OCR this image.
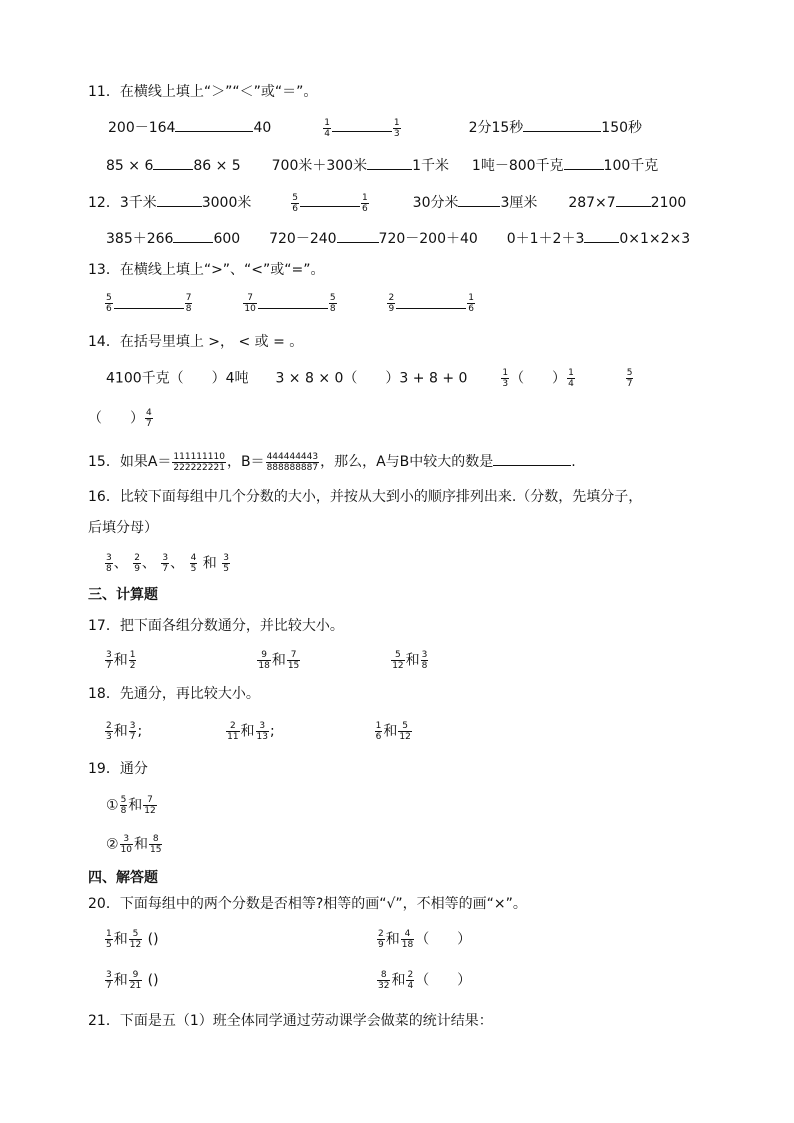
11．在横线上填上“＞”“＜”或“＝”。
200－164	40	$\frac{1}{4}$	$\frac{1}{3}$	2分15秒	150秒
85 × 6	86 × 5 700米＋300米	1千米 1吨－800千克	100千克
12．3千米	3000米	$\frac{5}{6}$	$\frac{1}{6}$	30分米	3厘米 287×7	2100
385＋266	600 720－240	720－200＋40 0＋1＋2＋3	0×1×2×3
13．在横线上填上“>”、“<”或“=”。
$\frac{5}{6}$	$\frac{7}{8}$
	$\frac{7}{10}$	$\frac{5}{8}$
	$\frac{2}{9}$	$\frac{1}{6}$
14．在括号里填上 >， < 或 = 。
4100千克（　　）4吨 3 × 8 × 0（　　）3 + 8 + 0	$\frac{1}{3}$ （　　） $\frac{1}{4}$
	$\frac{5}{7}$
（　　） $\frac{4}{7}$
15．如果$A= \frac{111111110}{222222221}$ ，$B= \frac{444444443}{888888887}$ ，那么，A与B中较大的数是	.
16．比较下面每组中几个分数的大小，并按从大到小的顺序排列出来.（分数，先填分子，
后填分母）
$\frac{3}{8}$ 、 $\frac{2}{9}$ 、 $\frac{3}{7}$ 、 $\frac{4}{5}$ 和 $\frac{3}{5}$
三、计算题
17．把下面各组分数通分，并比较大小。
$\frac{3}{7}$ 和 $\frac{1}{2}$
	$\frac{9}{18}$ 和 $\frac{7}{15}$
	$\frac{5}{12}$ 和 $\frac{3}{8}$
18．先通分，再比较大小。
$\frac{2}{3}$ 和 $\frac{3}{7}$ ;	$\frac{2}{11}$ 和 $\frac{3}{13}$ ;	$\frac{1}{6}$ 和 $\frac{5}{12}$
19．通分
① $\frac{5}{8}$ 和 $\frac{7}{12}$
② $\frac{3}{10}$ 和 $\frac{8}{15}$
四、解答题
20．下面每组中的两个分数是否相等?相等的画“√”，不相等的画“×”。
$\frac{1}{5}$ 和 $\frac{5}{12}$ ()	$\frac{2}{9}$ 和 $\frac{4}{18}$ （　　）
$\frac{3}{7}$ 和 $\frac{9}{21}$ ()	$\frac{8}{32}$ 和 $\frac{2}{4}$ （　　）
21．下面是五（1）班全体同学通过劳动课学会做菜的统计结果：
